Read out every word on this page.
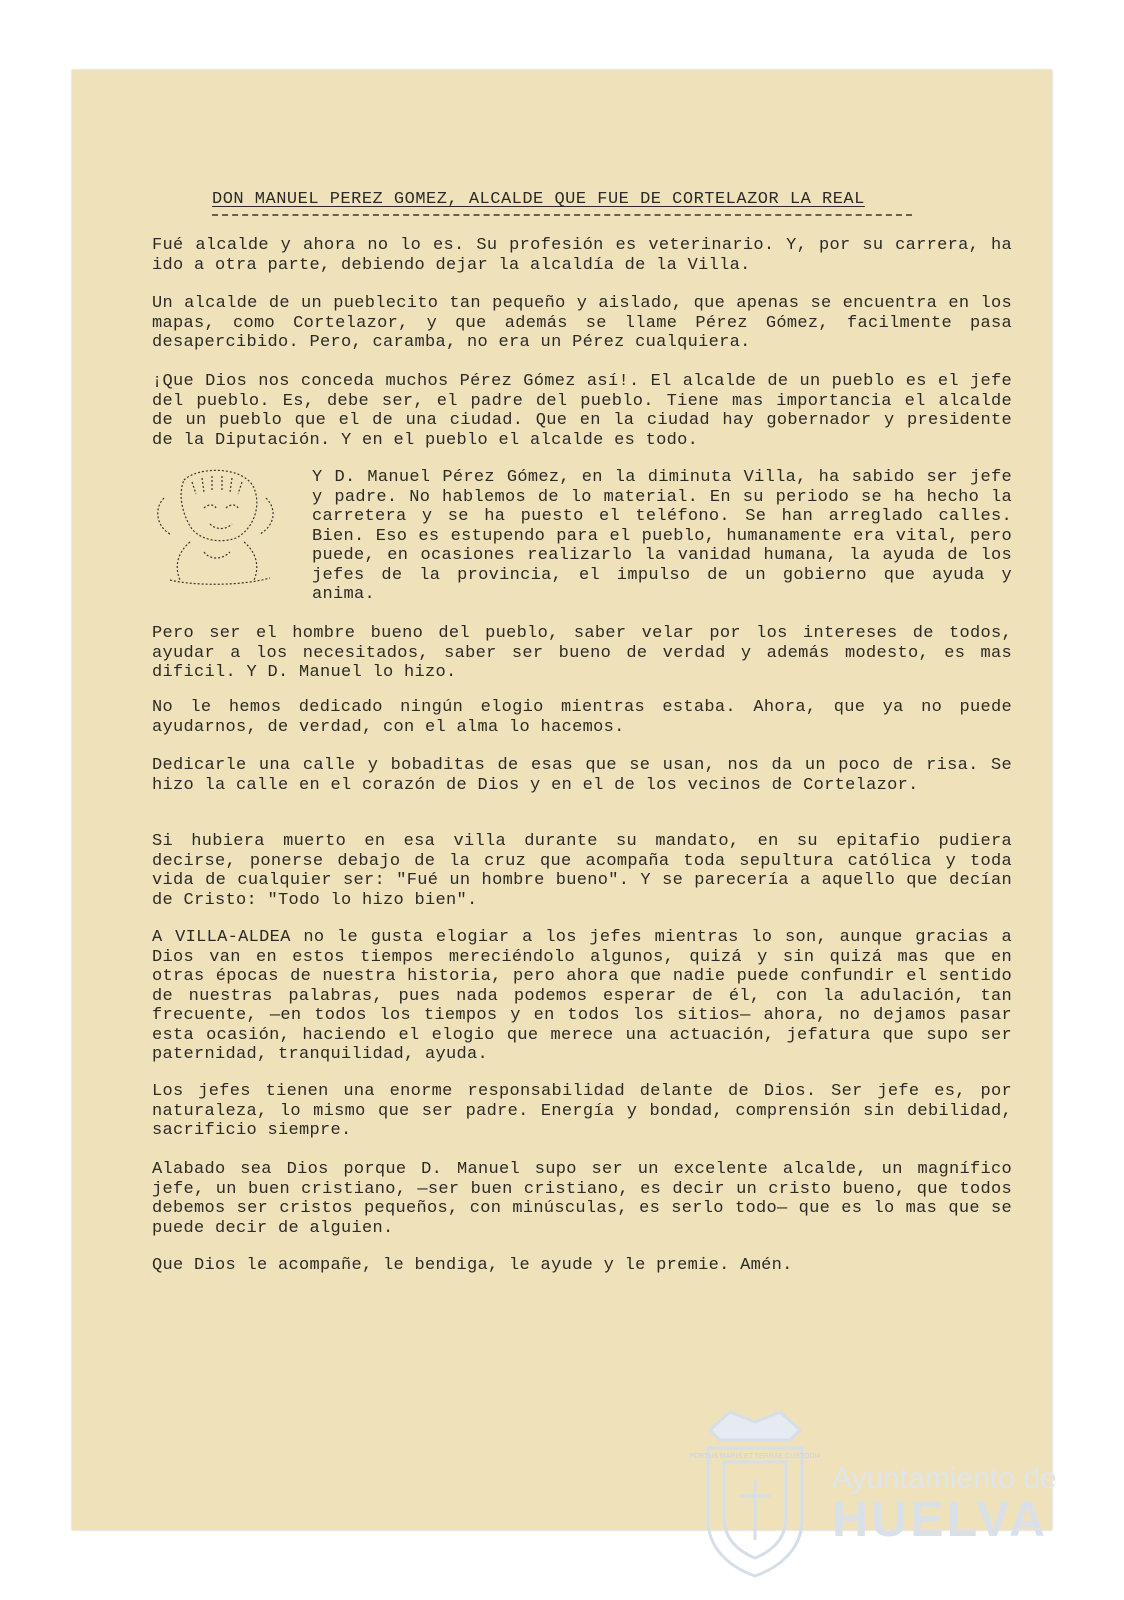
DON MANUEL PEREZ GOMEZ, ALCALDE QUE FUE DE CORTELAZOR LA REAL

Fué alcalde y ahora no lo es. Su profesión es veterinario. Y, por su carrera, ha ido a otra parte, debiendo dejar la alcaldía de la Villa.

Un alcalde de un pueblecito tan pequeño y aislado, que apenas se encuentra en los mapas, como Cortelazor, y que además se llame Pérez Gómez, facilmente pasa desapercibido. Pero, caramba, no era un Pérez cualquiera.

¡Que Dios nos conceda muchos Pérez Gómez así!. El alcalde de un pueblo es el jefe del pueblo. Es, debe ser, el padre del pueblo. Tiene mas importancia el alcalde de un pueblo que el de una ciudad. Que en la ciudad hay gobernador y presidente de la Diputación. Y en el pueblo el alcalde es todo.

Y D. Manuel Pérez Gómez, en la diminuta Villa, ha sabido ser jefe y padre. No hablemos de lo material. En su periodo se ha hecho la carretera y se ha puesto el teléfono. Se han arreglado calles. Bien. Eso es estupendo para el pueblo, humanamente era vital, pero puede, en ocasiones realizarlo la vanidad humana, la ayuda de los jefes de la provincia, el impulso de un gobierno que ayuda y anima.

Pero ser el hombre bueno del pueblo, saber velar por los intereses de todos, ayudar a los necesitados, saber ser bueno de verdad y además modesto, es mas dificil. Y D. Manuel lo hizo.

No le hemos dedicado ningún elogio mientras estaba. Ahora, que ya no puede ayudarnos, de verdad, con el alma lo hacemos.

Dedicarle una calle y bobaditas de esas que se usan, nos da un poco de risa. Se hizo la calle en el corazón de Dios y en el de los vecinos de Cortelazor.

Si hubiera muerto en esa villa durante su mandato, en su epitafio pudiera decirse, ponerse debajo de la cruz que acompaña toda sepultura católica y toda vida de cualquier ser: "Fué un hombre bueno". Y se parecería a aquello que decían de Cristo: "Todo lo hizo bien".

A VILLA-ALDEA no le gusta elogiar a los jefes mientras lo son, aunque gracias a Dios van en estos tiempos mereciéndolo algunos, quizá y sin quizá mas que en otras épocas de nuestra historia, pero ahora que nadie puede confundir el sentido de nuestras palabras, pues nada podemos esperar de él, con la adulación, tan frecuente, —en todos los tiempos y en todos los sitios— ahora, no dejamos pasar esta ocasión, haciendo el elogio que merece una actuación, jefatura que supo ser paternidad, tranquilidad, ayuda.

Los jefes tienen una enorme responsabilidad delante de Dios. Ser jefe es, por naturaleza, lo mismo que ser padre. Energía y bondad, comprensión sin debilidad, sacrificio siempre.

Alabado sea Dios porque D. Manuel supo ser un excelente alcalde, un magnífico jefe, un buen cristiano, —ser buen cristiano, es decir un cristo bueno, que todos debemos ser cristos pequeños, con minúsculas, es serlo todo— que es lo mas que se puede decir de alguien.

Que Dios le acompañe, le bendiga, le ayude y le premie. Amén.

PORTUS MARIS ET TERRAE CUSTODIA
Ayuntamiento de
HUELVA
